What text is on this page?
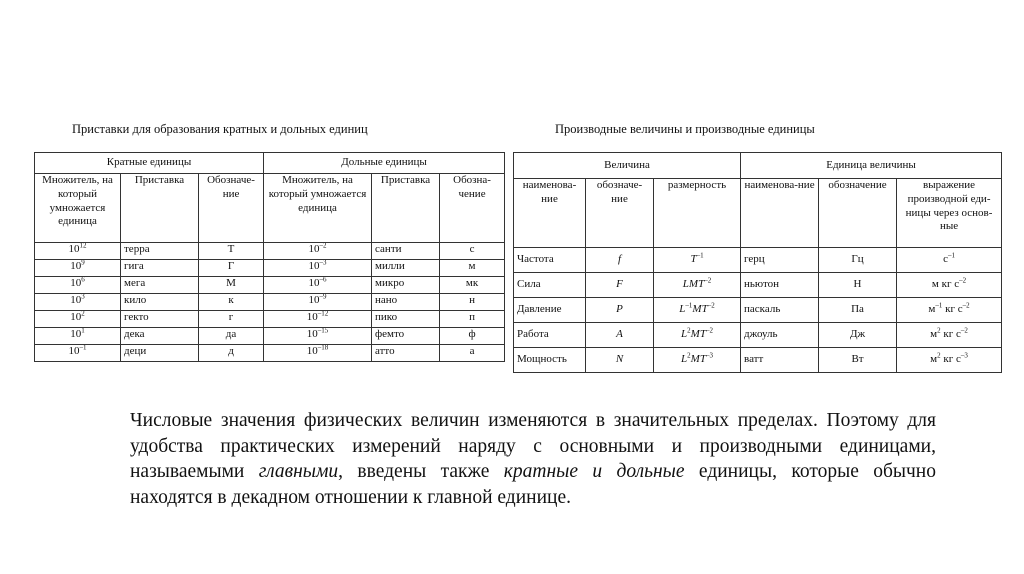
Приставки для образования кратных и дольных единиц	Производные величины и производные единицы
Кратные единицы			Дольные единицы		
Множитель, на который умножается единица	Приставка	Обозначе-ние	Множитель, на который умножается единица	Приставка	Обозна-чение
$10^{12}$	терра	Т	$10^{-2}$	санти	с
$10^9$	гига	Г	$10^{-3}$	милли	м
$10^6$	мега	М	$10^{-6}$	микро	мк
$10^3$	кило	к	$10^{-9}$	нано	н
$10^2$	гекто	г	$10^{-12}$	пико	п
$10^1$	дека	да	$10^{-15}$	фемто	ф
$10^{-1}$	деци	д	$10^{-18}$	атто	а
Величина			Единица величины		
наименова-ние	обозначе-ние	размерность	наименова-ние	обозначение	выражение производной еди-ницы через основ-ные
Частота	f	$T^{-1}$	герц	Гц	$с^{-1}$
Сила	F	$LMT^{-2}$	ньютон	Н	м кг $с^{-2}$
Давление	P	$L^{-1}MT^{-2}$	паскаль	Па	$м^{-1}$ кг $с^{-2}$
Работа	A	$L^2MT^{-2}$	джоуль	Дж	$м^2$ кг $с^{-2}$
Мощность	N	$L^2MT^{-3}$	ватт	Вт	$м^2$ кг $с^{-3}$
Числовые значения физических величин изменяются в значительных пределах. Поэтому для удобства практических измерений наряду с основными и производными единицами, называемыми главными, введены также кратные и дольные единицы, которые обычно находятся в декадном отношении к главной единице.
